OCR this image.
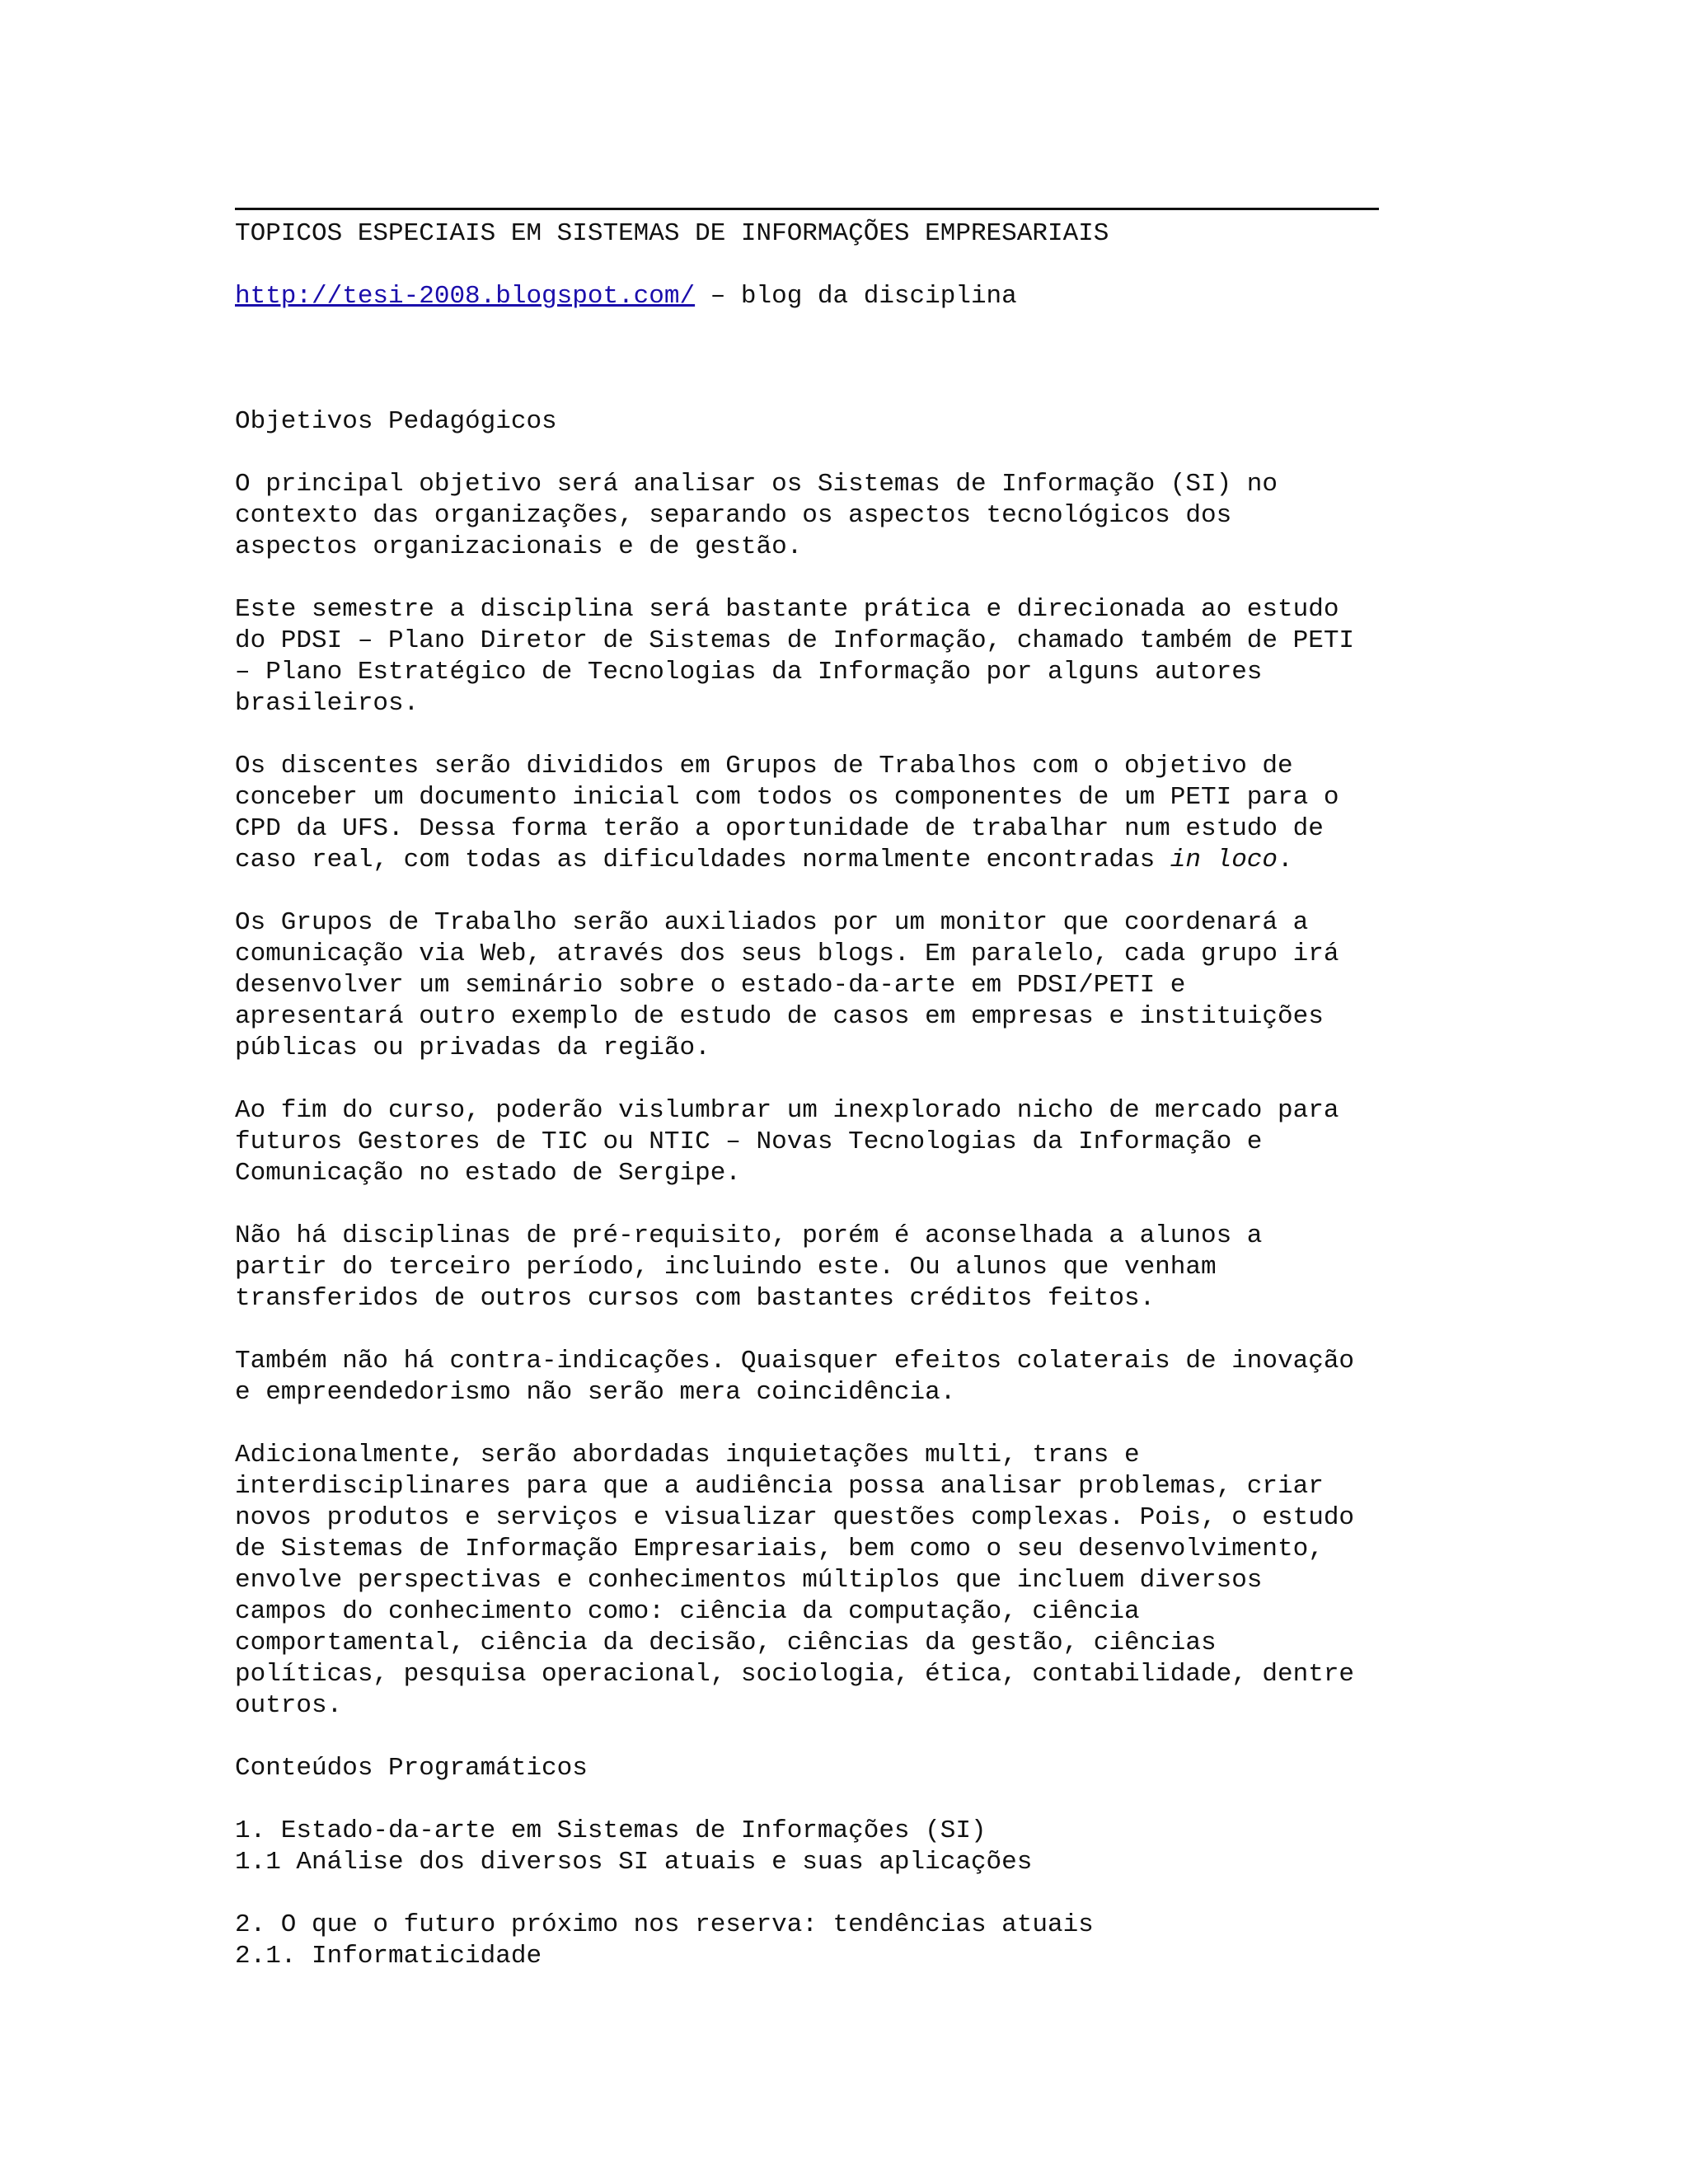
TOPICOS ESPECIAIS EM SISTEMAS DE INFORMAÇÕES EMPRESARIAIS
http://tesi-2008.blogspot.com/ – blog da disciplina
Objetivos Pedagógicos
O principal objetivo será analisar os Sistemas de Informação (SI) no
contexto das organizações, separando os aspectos tecnológicos dos
aspectos organizacionais e de gestão.
Este semestre a disciplina será bastante prática e direcionada ao estudo
do PDSI – Plano Diretor de Sistemas de Informação, chamado também de PETI
– Plano Estratégico de Tecnologias da Informação por alguns autores
brasileiros.
Os discentes serão divididos em Grupos de Trabalhos com o objetivo de
conceber um documento inicial com todos os componentes de um PETI para o
CPD da UFS. Dessa forma terão a oportunidade de trabalhar num estudo de
caso real, com todas as dificuldades normalmente encontradas in loco.
Os Grupos de Trabalho serão auxiliados por um monitor que coordenará a
comunicação via Web, através dos seus blogs. Em paralelo, cada grupo irá
desenvolver um seminário sobre o estado-da-arte em PDSI/PETI e
apresentará outro exemplo de estudo de casos em empresas e instituições
públicas ou privadas da região.
Ao fim do curso, poderão vislumbrar um inexplorado nicho de mercado para
futuros Gestores de TIC ou NTIC – Novas Tecnologias da Informação e
Comunicação no estado de Sergipe.
Não há disciplinas de pré-requisito, porém é aconselhada a alunos a
partir do terceiro período, incluindo este. Ou alunos que venham
transferidos de outros cursos com bastantes créditos feitos.
Também não há contra-indicações. Quaisquer efeitos colaterais de inovação
e empreendedorismo não serão mera coincidência.
Adicionalmente, serão abordadas inquietações multi, trans e
interdisciplinares para que a audiência possa analisar problemas, criar
novos produtos e serviços e visualizar questões complexas. Pois, o estudo
de Sistemas de Informação Empresariais, bem como o seu desenvolvimento,
envolve perspectivas e conhecimentos múltiplos que incluem diversos
campos do conhecimento como: ciência da computação, ciência
comportamental, ciência da decisão, ciências da gestão, ciências
políticas, pesquisa operacional, sociologia, ética, contabilidade, dentre
outros.
Conteúdos Programáticos
1. Estado-da-arte em Sistemas de Informações (SI)
1.1 Análise dos diversos SI atuais e suas aplicações
2. O que o futuro próximo nos reserva: tendências atuais
2.1. Informaticidade
